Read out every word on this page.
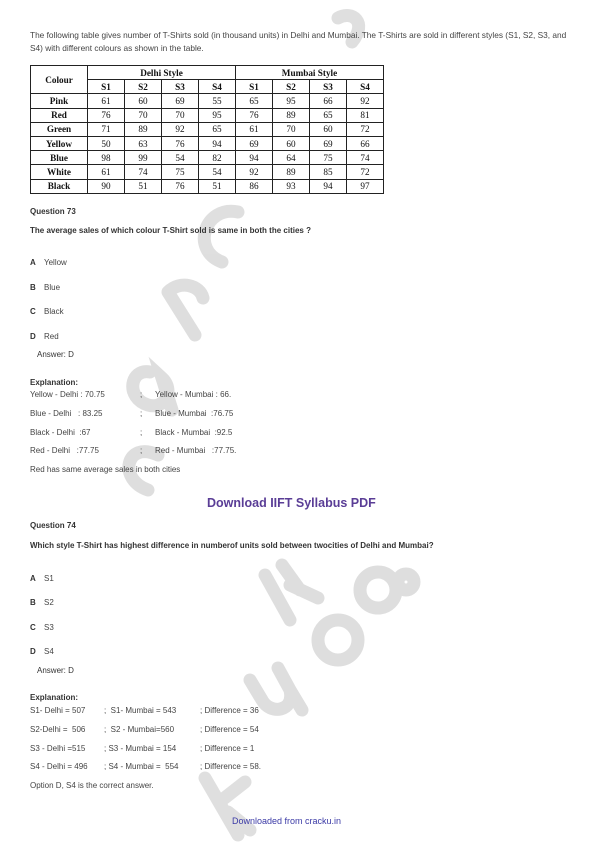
The following table gives number of T-Shirts sold (in thousand units) in Delhi and Mumbai. The T-Shirts are sold in different styles (S1, S2, S3, and S4) with different colours as shown in the table.
Colour	Delhi Style				Mumbai Style			
	S1	S2	S3	S4	S1	S2	S3	S4
Pink	61	60	69	55	65	95	66	92
Red	76	70	70	95	76	89	65	81
Green	71	89	92	65	61	70	60	72
Yellow	50	63	76	94	69	60	69	66
Blue	98	99	54	82	94	64	75	74
White	61	74	75	54	92	89	85	72
Black	90	51	76	51	86	93	94	97
Question 73
The average sales of which colour T-Shirt sold is same in both the cities ?
A Yellow
B Blue
C Black
D Red
Answer: D
Explanation:
Yellow - Delhi : 70.75	; Yellow - Mumbai : 66.
Blue - Delhi   : 83.25	; Blue - Mumbai  :76.75
Black - Delhi  :67	; Black - Mumbai  :92.5
Red - Delhi   :77.75	; Red - Mumbai   :77.75.
Red has same average sales in both cities
Download IIFT Syllabus PDF
Question 74
Which style T-Shirt has highest difference in numberof units sold between twocities of Delhi and Mumbai?
A S1
B S2
C S3
D S4
Answer: D
Explanation:
S1- Delhi = 507 ;  S1- Mumbai = 543	; Difference = 36
S2-Delhi =  506 ;  S2 - Mumbai=560	; Difference = 54
S3 - Delhi =515 ; S3 - Mumbai = 154	; Difference = 1
S4 - Delhi = 496 ; S4 - Mumbai =  554	; Difference = 58.
Option D, S4 is the correct answer.
Downloaded from cracku.in
